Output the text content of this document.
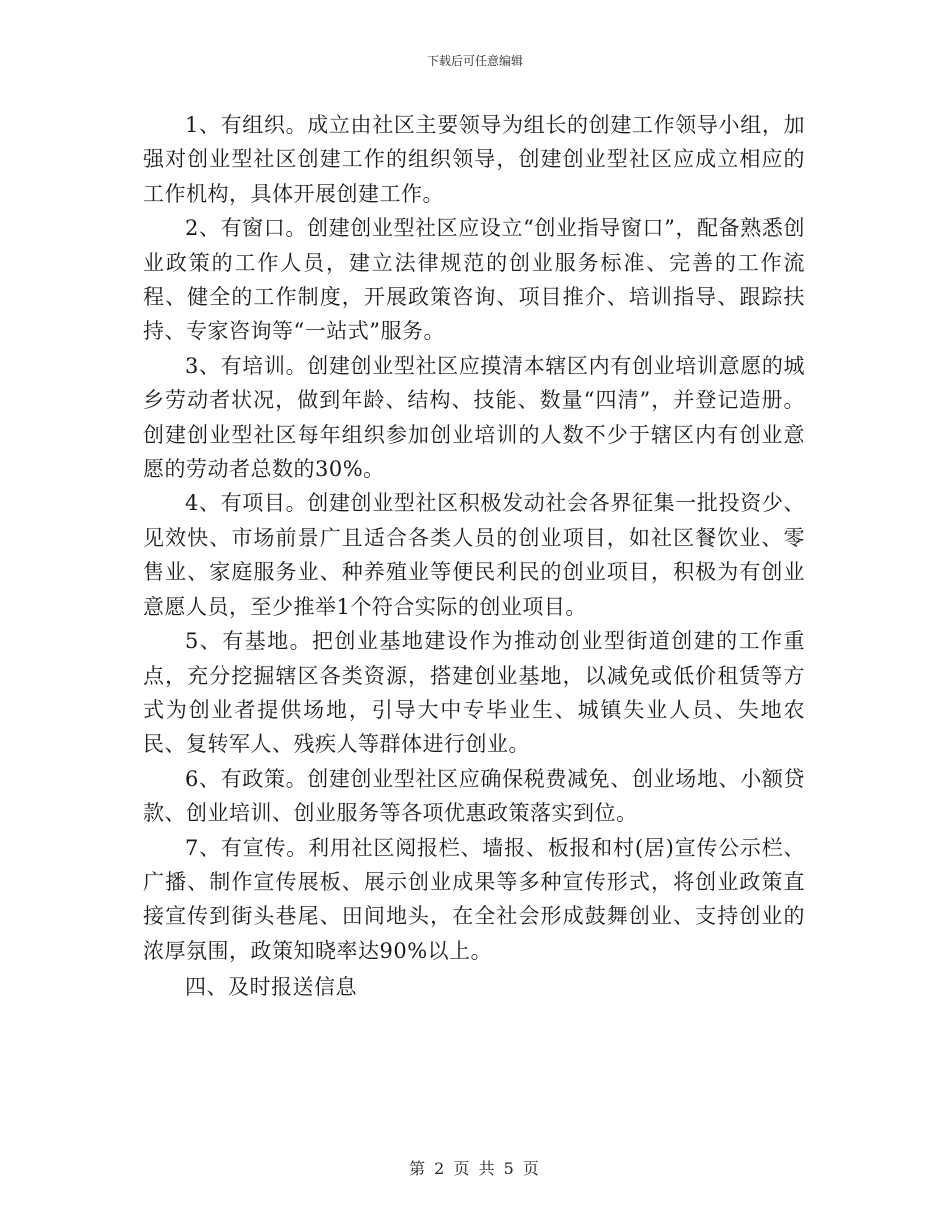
下载后可任意编辑

1、有组织。成立由社区主要领导为组长的创建工作领导小组，加强对创业型社区创建工作的组织领导，创建创业型社区应成立相应的工作机构，具体开展创建工作。

2、有窗口。创建创业型社区应设立“创业指导窗口”，配备熟悉创业政策的工作人员，建立法律规范的创业服务标准、完善的工作流程、健全的工作制度，开展政策咨询、项目推介、培训指导、跟踪扶持、专家咨询等“一站式”服务。

3、有培训。创建创业型社区应摸清本辖区内有创业培训意愿的城乡劳动者状况，做到年龄、结构、技能、数量“四清”，并登记造册。创建创业型社区每年组织参加创业培训的人数不少于辖区内有创业意愿的劳动者总数的30%。

4、有项目。创建创业型社区积极发动社会各界征集一批投资少、见效快、市场前景广且适合各类人员的创业项目，如社区餐饮业、零售业、家庭服务业、种养殖业等便民利民的创业项目，积极为有创业意愿人员，至少推举1个符合实际的创业项目。

5、有基地。把创业基地建设作为推动创业型街道创建的工作重点，充分挖掘辖区各类资源，搭建创业基地，以减免或低价租赁等方式为创业者提供场地，引导大中专毕业生、城镇失业人员、失地农民、复转军人、残疾人等群体进行创业。

6、有政策。创建创业型社区应确保税费减免、创业场地、小额贷款、创业培训、创业服务等各项优惠政策落实到位。

7、有宣传。利用社区阅报栏、墙报、板报和村(居)宣传公示栏、广播、制作宣传展板、展示创业成果等多种宣传形式，将创业政策直接宣传到街头巷尾、田间地头，在全社会形成鼓舞创业、支持创业的浓厚氛围，政策知晓率达90%以上。

四、及时报送信息

第 2 页 共 5 页
